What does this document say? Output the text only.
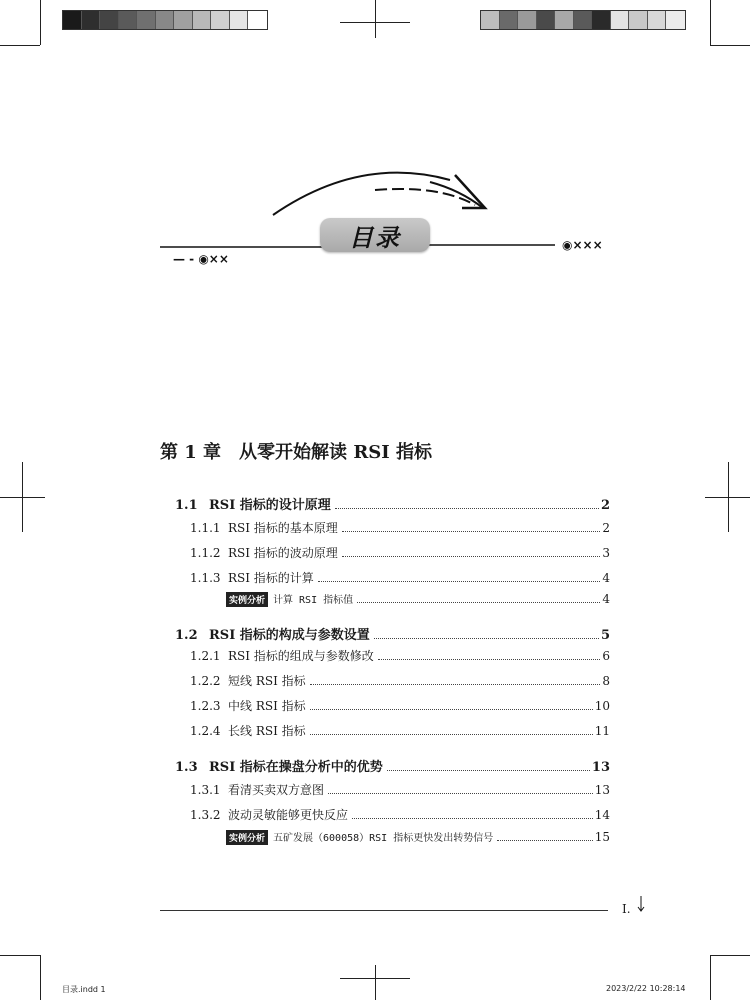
目录
— - ◉××
◉×××
第 1 章　从零开始解读 RSI 指标
1.1 RSI 指标的设计原理	2
1.1.1 RSI 指标的基本原理	2
1.1.2 RSI 指标的波动原理	3
1.1.3 RSI 指标的计算	4
实例分析 计算 RSI 指标值	4
1.2 RSI 指标的构成与参数设置	5
1.2.1 RSI 指标的组成与参数修改	6
1.2.2 短线 RSI 指标	8
1.2.3 中线 RSI 指标	10
1.2.4 长线 RSI 指标	11
1.3 RSI 指标在操盘分析中的优势	13
1.3.1 看清买卖双方意图	13
1.3.2 波动灵敏能够更快反应	14
实例分析 五矿发展（600058）RSI 指标更快发出转势信号	15
I.
目录.indd 1	2023/2/22 10:28:14
